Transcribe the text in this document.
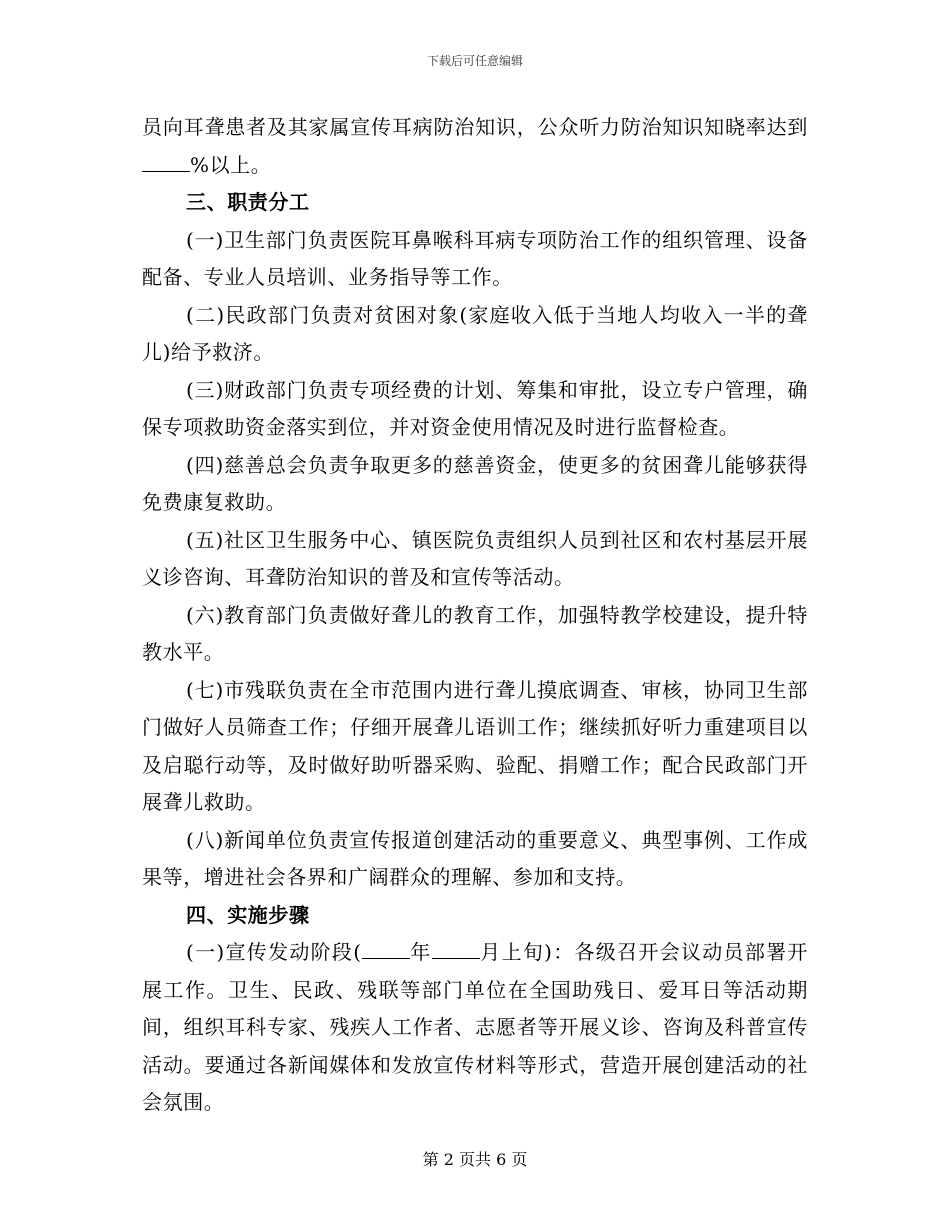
下载后可任意编辑

员向耳聋患者及其家属宣传耳病防治知识，公众听力防治知识知晓率达到%以上。

三、职责分工

(一)卫生部门负责医院耳鼻喉科耳病专项防治工作的组织管理、设备配备、专业人员培训、业务指导等工作。

(二)民政部门负责对贫困对象(家庭收入低于当地人均收入一半的聋儿)给予救济。

(三)财政部门负责专项经费的计划、筹集和审批，设立专户管理，确保专项救助资金落实到位，并对资金使用情况及时进行监督检查。

(四)慈善总会负责争取更多的慈善资金，使更多的贫困聋儿能够获得免费康复救助。

(五)社区卫生服务中心、镇医院负责组织人员到社区和农村基层开展义诊咨询、耳聋防治知识的普及和宣传等活动。

(六)教育部门负责做好聋儿的教育工作，加强特教学校建设，提升特教水平。

(七)市残联负责在全市范围内进行聋儿摸底调查、审核，协同卫生部门做好人员筛查工作；仔细开展聋儿语训工作；继续抓好听力重建项目以及启聪行动等，及时做好助听器采购、验配、捐赠工作；配合民政部门开展聋儿救助。

(八)新闻单位负责宣传报道创建活动的重要意义、典型事例、工作成果等，增进社会各界和广阔群众的理解、参加和支持。

四、实施步骤

(一)宣传发动阶段( 年 月上旬)：各级召开会议动员部署开展工作。卫生、民政、残联等部门单位在全国助残日、爱耳日等活动期间，组织耳科专家、残疾人工作者、志愿者等开展义诊、咨询及科普宣传活动。要通过各新闻媒体和发放宣传材料等形式，营造开展创建活动的社会氛围。

第 2 页共 6 页
